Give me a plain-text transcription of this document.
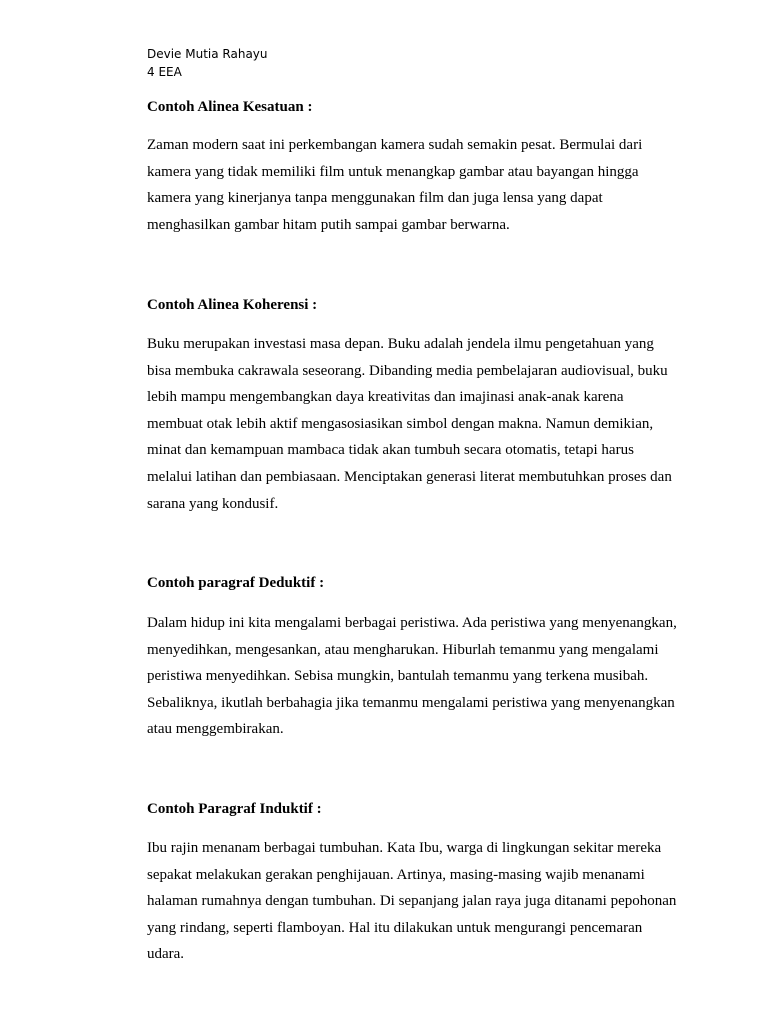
Devie Mutia Rahayu
4 EEA
Contoh Alinea Kesatuan :
Zaman modern saat ini perkembangan kamera sudah semakin pesat. Bermulai dari
kamera yang tidak memiliki film untuk menangkap gambar atau bayangan hingga
kamera yang kinerjanya tanpa menggunakan film dan juga lensa yang dapat
menghasilkan gambar hitam putih sampai gambar berwarna.
Contoh Alinea Koherensi :
Buku merupakan investasi masa depan. Buku adalah jendela ilmu pengetahuan yang
bisa membuka cakrawala seseorang. Dibanding media pembelajaran audiovisual, buku
lebih mampu mengembangkan daya kreativitas dan imajinasi anak-anak karena
membuat otak lebih aktif mengasosiasikan simbol dengan makna. Namun demikian,
minat dan kemampuan mambaca tidak akan tumbuh secara otomatis, tetapi harus
melalui latihan dan pembiasaan. Menciptakan generasi literat membutuhkan proses dan
sarana yang kondusif.
Contoh paragraf Deduktif :
Dalam hidup ini kita mengalami berbagai peristiwa. Ada peristiwa yang menyenangkan,
menyedihkan, mengesankan, atau mengharukan. Hiburlah temanmu yang mengalami
peristiwa menyedihkan. Sebisa mungkin, bantulah temanmu yang terkena musibah.
Sebaliknya, ikutlah berbahagia jika temanmu mengalami peristiwa yang menyenangkan
atau menggembirakan.
Contoh Paragraf Induktif :
Ibu rajin menanam berbagai tumbuhan. Kata Ibu, warga di lingkungan sekitar mereka
sepakat melakukan gerakan penghijauan. Artinya, masing-masing wajib menanami
halaman rumahnya dengan tumbuhan. Di sepanjang jalan raya juga ditanami pepohonan
yang rindang, seperti flamboyan. Hal itu dilakukan untuk mengurangi pencemaran
udara.
